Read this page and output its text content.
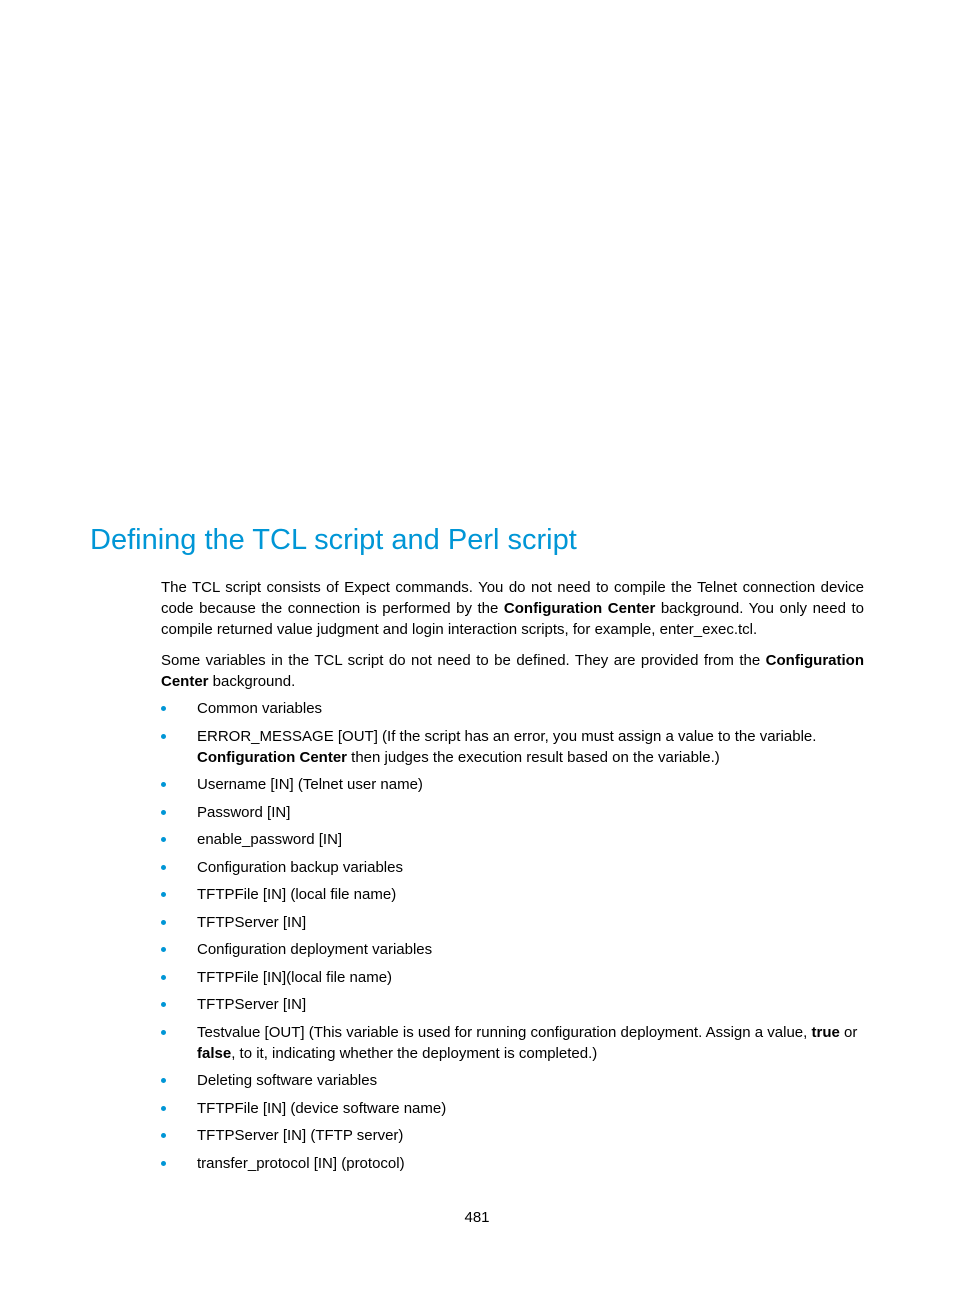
Defining the TCL script and Perl script

The TCL script consists of Expect commands. You do not need to compile the Telnet connection device code because the connection is performed by the Configuration Center background. You only need to compile returned value judgment and login interaction scripts, for example, enter_exec.tcl.

Some variables in the TCL script do not need to be defined. They are provided from the Configuration Center background.

Common variables
ERROR_MESSAGE [OUT] (If the script has an error, you must assign a value to the variable. Configuration Center then judges the execution result based on the variable.)
Username [IN] (Telnet user name)
Password [IN]
enable_password [IN]
Configuration backup variables
TFTPFile [IN] (local file name)
TFTPServer [IN]
Configuration deployment variables
TFTPFile [IN](local file name)
TFTPServer [IN]
Testvalue [OUT] (This variable is used for running configuration deployment. Assign a value, true or false, to it, indicating whether the deployment is completed.)
Deleting software variables
TFTPFile [IN] (device software name)
TFTPServer [IN] (TFTP server)
transfer_protocol [IN] (protocol)
481
